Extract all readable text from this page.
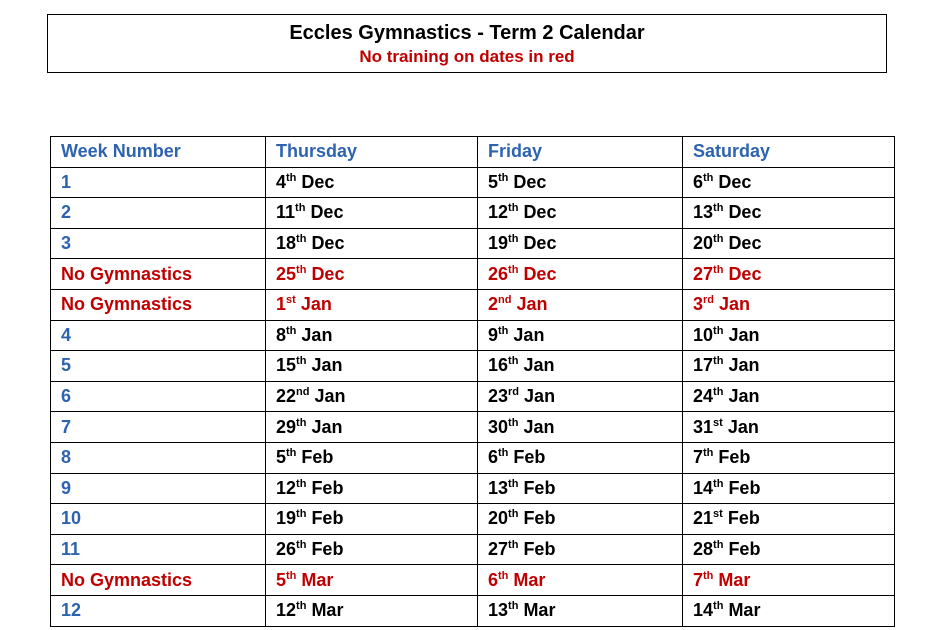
Eccles Gymnastics - Term 2 Calendar
No training on dates in red
Week Number	Thursday	Friday	Saturday
1	4th Dec	5th Dec	6th Dec
2	11th Dec	12th Dec	13th Dec
3	18th Dec	19th Dec	20th Dec
No Gymnastics	25th Dec	26th Dec	27th Dec
No Gymnastics	1st Jan	2nd Jan	3rd Jan
4	8th Jan	9th Jan	10th Jan
5	15th Jan	16th Jan	17th Jan
6	22nd Jan	23rd Jan	24th Jan
7	29th Jan	30th Jan	31st Jan
8	5th Feb	6th Feb	7th Feb
9	12th Feb	13th Feb	14th Feb
10	19th Feb	20th Feb	21st Feb
11	26th Feb	27th Feb	28th Feb
No Gymnastics	5th Mar	6th Mar	7th Mar
12	12th Mar	13th Mar	14th Mar
